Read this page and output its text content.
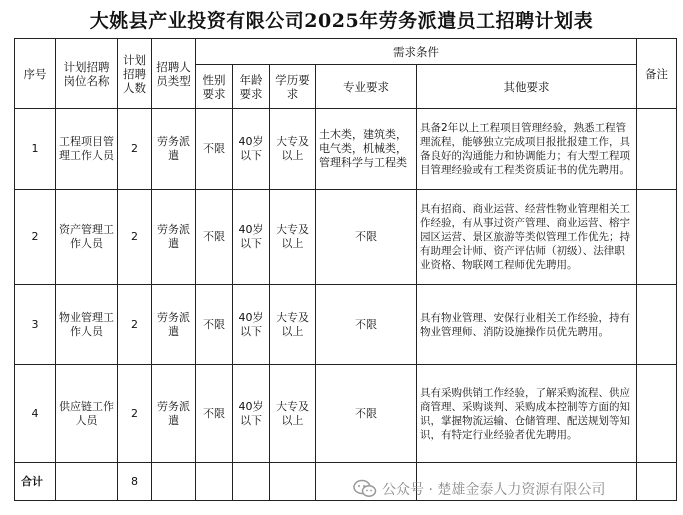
大姚县产业投资有限公司2025年劳务派遣员工招聘计划表
序号	计划招聘岗位名称	计划招聘人数	招聘人员类型	需求条件					备注
				性别要求	年龄要求	学历要求	专业要求	其他要求	
1	工程项目管理工作人员	2	劳务派遣	不限	40岁以下	大专及以上	土木类，建筑类，电气类，机械类，管理科学与工程类	具备2年以上工程项目管理经验，熟悉工程管理流程，能够独立完成项目报批报建工作，具备良好的沟通能力和协调能力；有大型工程项目管理经验或有工程类资质证书的优先聘用。	
2	资产管理工作人员	2	劳务派遣	不限	40岁以下	大专及以上	不限	具有招商、商业运营、经营性物业管理相关工作经验，有从事过资产管理、商业运营、榕宇园区运营、景区旅游等类似管理工作优先；持有助理会计师、资产评估师（初级）、法律职业资格、物联网工程师优先聘用。	
3	物业管理工作人员	2	劳务派遣	不限	40岁以下	大专及以上	不限	具有物业管理、安保行业相关工作经验，持有物业管理师、消防设施操作员优先聘用。	
4	供应链工作人员	2	劳务派遣	不限	40岁以下	大专及以上	不限	具有采购供销工作经验，了解采购流程、供应商管理、采购谈判、采购成本控制等方面的知识，掌握物流运输、仓储管理、配送规划等知识，有特定行业经验者优先聘用。	
合计		8							
公众号 · 楚雄金泰人力资源有限公司
